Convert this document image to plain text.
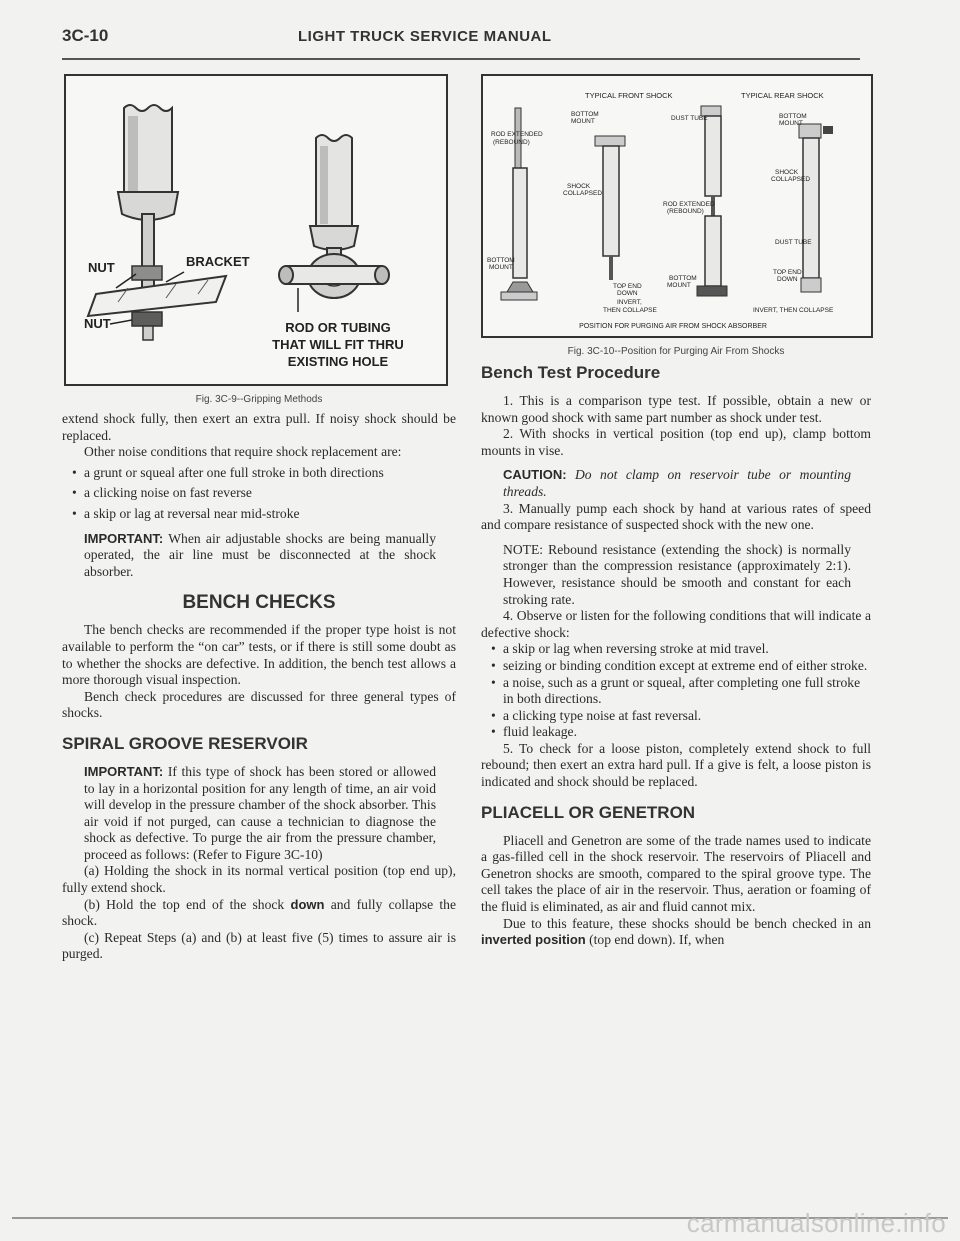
3C-10	LIGHT TRUCK SERVICE MANUAL
NUT	BRACKET
NUT	ROD OR TUBING
THAT WILL FIT THRU
EXISTING HOLE
Fig. 3C-9--Gripping Methods

extend shock fully, then exert an extra pull. If noisy shock should be replaced.

Other noise conditions that require shock replacement are:

• a grunt or squeal after one full stroke in both directions
• a clicking noise on fast reverse
• a skip or lag at reversal near mid-stroke

IMPORTANT: When air adjustable shocks are being manually operated, the air line must be disconnected at the shock absorber.

BENCH CHECKS

The bench checks are recommended if the proper type hoist is not available to perform the “on car” tests, or if there is still some doubt as to whether the shocks are defective. In addition, the bench test allows a more thorough visual inspection.

Bench check procedures are discussed for three general types of shocks.

SPIRAL GROOVE RESERVOIR

IMPORTANT: If this type of shock has been stored or allowed to lay in a horizontal position for any length of time, an air void will develop in the pressure chamber of the shock absorber. This air void if not purged, can cause a technician to diagnose the shock as defective. To purge the air from the pressure chamber, proceed as follows: (Refer to Figure 3C-10)

(a) Holding the shock in its normal vertical position (top end up), fully extend shock.

(b) Hold the top end of the shock down and fully collapse the shock.

(c) Repeat Steps (a) and (b) at least five (5) times to assure air is purged.

TYPICAL FRONT SHOCK	TYPICAL REAR SHOCK
ROD EXTENDED
(REBOUND)
BOTTOM
MOUNT
BOTTOM
MOUNT
SHOCK
COLLAPSED
TOP END
DOWN
INVERT,
THEN COLLAPSE
DUST TUBE
ROD EXTENDED
(REBOUND)
BOTTOM
MOUNT
BOTTOM
MOUNT
SHOCK
COLLAPSED
DUST TUBE
TOP END
DOWN
INVERT, THEN COLLAPSE
POSITION FOR PURGING AIR FROM SHOCK ABSORBER
Fig. 3C-10--Position for Purging Air From Shocks
Bench Test Procedure

1. This is a comparison type test. If possible, obtain a new or known good shock with same part number as shock under test.

2. With shocks in vertical position (top end up), clamp bottom mounts in vise.

CAUTION: Do not clamp on reservoir tube or mounting threads.

3. Manually pump each shock by hand at various rates of speed and compare resistance of suspected shock with the new one.

NOTE: Rebound resistance (extending the shock) is normally stronger than the compression resistance (approximately 2:1). However, resistance should be smooth and constant for each stroking rate.

4. Observe or listen for the following conditions that will indicate a defective shock:

• a skip or lag when reversing stroke at mid travel.
• seizing or binding condition except at extreme end of either stroke.
• a noise, such as a grunt or squeal, after completing one full stroke in both directions.
• a clicking type noise at fast reversal.
• fluid leakage.

5. To check for a loose piston, completely extend shock to full rebound; then exert an extra hard pull. If a give is felt, a loose piston is indicated and shock should be replaced.

PLIACELL OR GENETRON

Pliacell and Genetron are some of the trade names used to indicate a gas-filled cell in the shock reservoir. The reservoirs of Pliacell and Genetron shocks are smooth, compared to the spiral groove type. The cell takes the place of air in the reservoir. Thus, aeration or foaming of the fluid is eliminated, as air and fluid cannot mix.

Due to this feature, these shocks should be bench checked in an inverted position (top end down). If, when

carmanualsonline.info
